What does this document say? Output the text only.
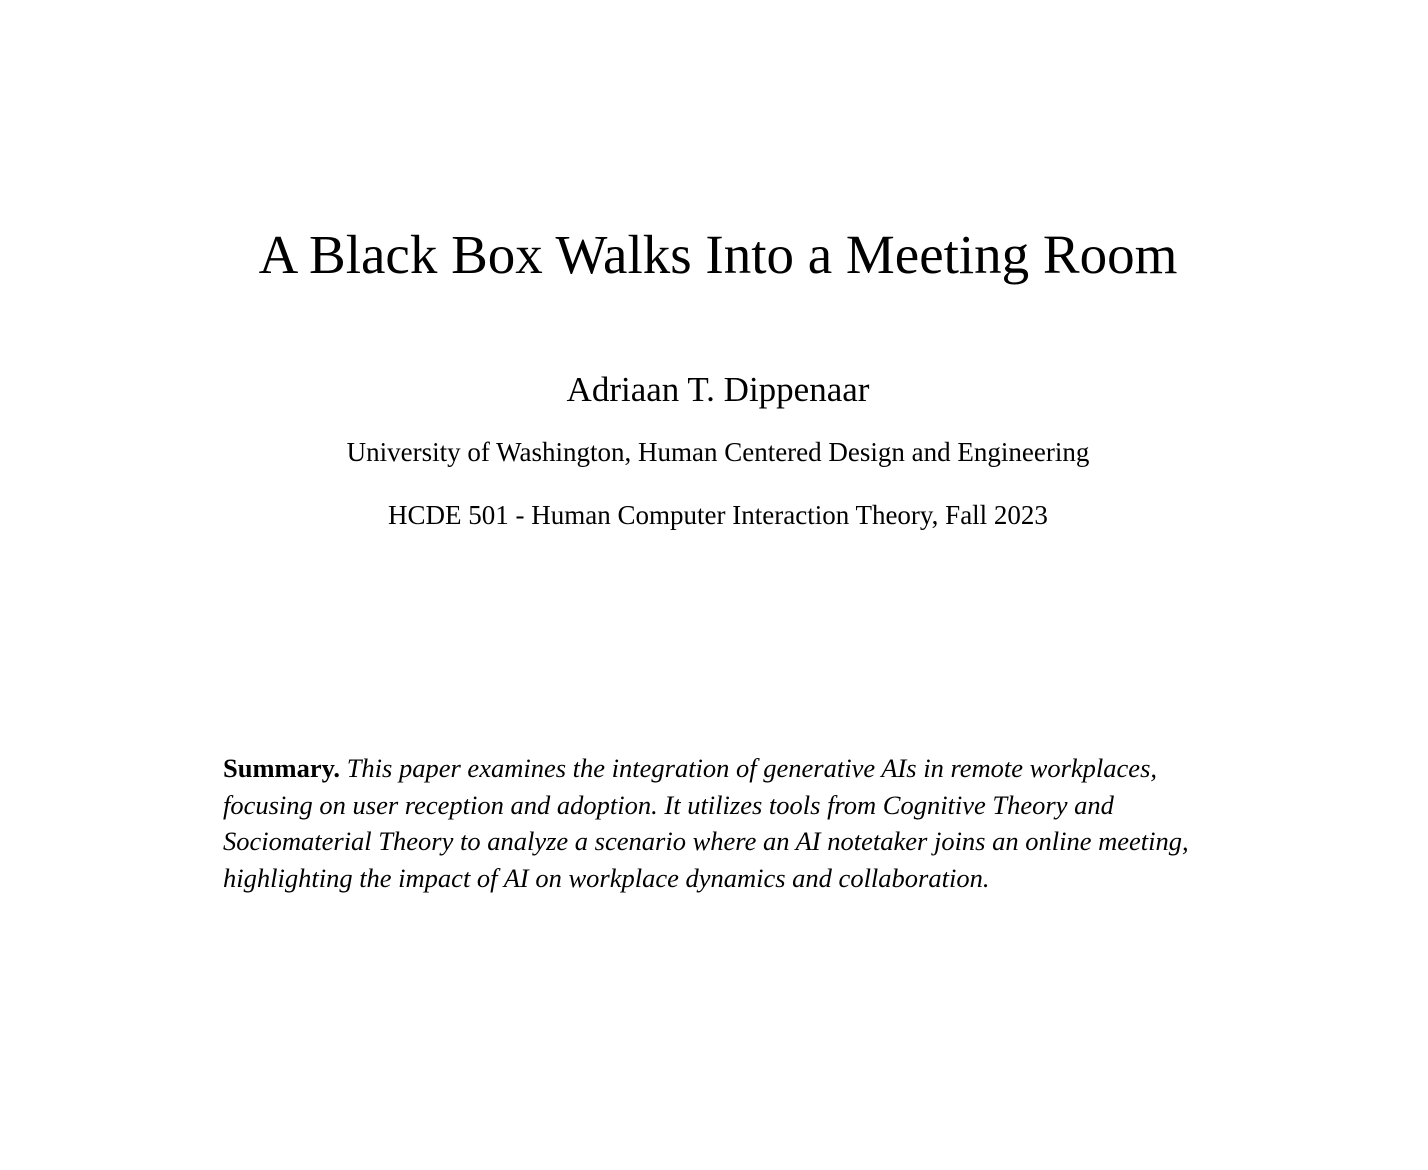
A Black Box Walks Into a Meeting Room

Adriaan T. Dippenaar

University of Washington, Human Centered Design and Engineering

HCDE 501 - Human Computer Interaction Theory, Fall 2023

Summary. This paper examines the integration of generative AIs in remote workplaces, focusing on user reception and adoption. It utilizes tools from Cognitive Theory and Sociomaterial Theory to analyze a scenario where an AI notetaker joins an online meeting, highlighting the impact of AI on workplace dynamics and collaboration.
